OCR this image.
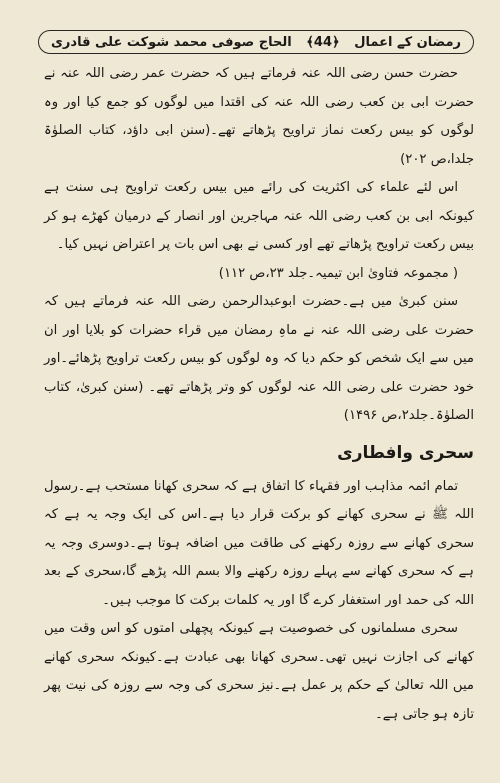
رمضان کے اعمال
﴿44﴾
الحاج صوفی محمد شوکت علی قادری

حضرت حسن رضی اللہ عنہ فرماتے ہیں کہ حضرت عمر رضی اللہ عنہ نے حضرت ابی بن کعب رضی اللہ عنہ کی اقتدا میں لوگوں کو جمع کیا اور وہ لوگوں کو بیس رکعت نماز تراویح پڑھاتے تھے۔(سنن ابی داؤد، کتاب الصلوٰۃ جلدا،ص ۲۰۲)

اس لئے علماء کی اکثریت کی رائے میں بیس رکعت تراویح ہی سنت ہے کیونکہ ابی بن کعب رضی اللہ عنہ مہاجرین اور انصار کے درمیان کھڑے ہو کر بیس رکعت تراویح پڑھاتے تھے اور کسی نے بھی اس بات پر اعتراض نہیں کیا۔

( مجموعہ فتاویٰ ابن تیمیہ۔جلد ۲۳،ص ۱۱۲)

سنن کبریٰ میں ہے۔حضرت ابوعبدالرحمن رضی اللہ عنہ فرماتے ہیں کہ حضرت علی رضی اللہ عنہ نے ماہِ رمضان میں قراء حضرات کو بلایا اور ان میں سے ایک شخص کو حکم دیا کہ وہ لوگوں کو بیس رکعت تراویح پڑھائے۔اور خود حضرت علی رضی اللہ عنہ لوگوں کو وتر پڑھاتے تھے۔ (سنن کبریٰ، کتاب الصلوٰۃ۔جلد۲،ص ۱۴۹۶)

سحری وافطاری

تمام ائمہ مذاہب اور فقہاء کا اتفاق ہے کہ سحری کھانا مستحب ہے۔رسول اللہ ﷺ نے سحری کھانے کو برکت قرار دیا ہے۔اس کی ایک وجہ یہ ہے کہ سحری کھانے سے روزہ رکھنے کی طاقت میں اضافہ ہوتا ہے۔دوسری وجہ یہ ہے کہ سحری کھانے سے پہلے روزہ رکھنے والا بسم اللہ پڑھے گا،سحری کے بعد اللہ کی حمد اور استغفار کرے گا اور یہ کلمات برکت کا موجب ہیں۔

سحری مسلمانوں کی خصوصیت ہے کیونکہ پچھلی امتوں کو اس وقت میں کھانے کی اجازت نہیں تھی۔سحری کھانا بھی عبادت ہے۔کیونکہ سحری کھانے میں اللہ تعالیٰ کے حکم پر عمل ہے۔نیز سحری کی وجہ سے روزہ کی نیت پھر تازہ ہو جاتی ہے۔
